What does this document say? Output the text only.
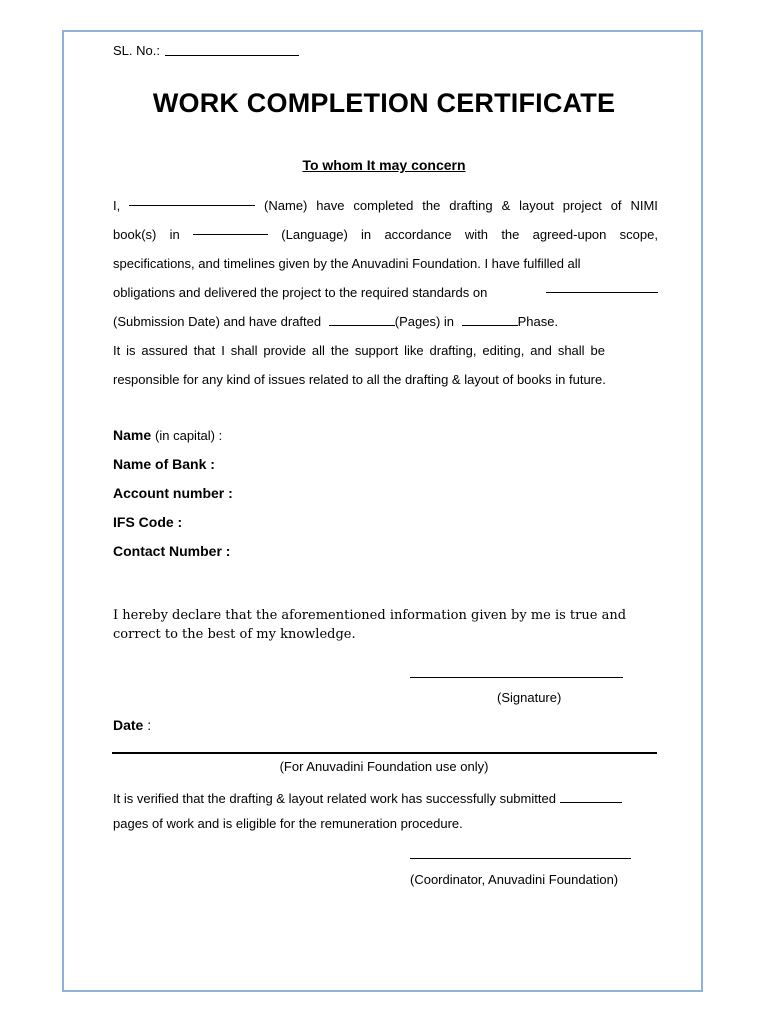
SL. No.:
WORK COMPLETION CERTIFICATE
To whom It may concern
I,	(Name) have completed the drafting & layout project of NIMI
book(s) in	(Language) in accordance with the agreed-upon scope,
specifications, and timelines given by the Anuvadini Foundation. I have fulfilled all
obligations and delivered the project to the required standards on
(Submission Date) and have drafted	(Pages) in	Phase.
It is assured that I shall provide all the support like drafting, editing, and shall be
responsible for any kind of issues related to all the drafting & layout of books in future.
Name (in capital) :
Name of Bank :
Account number :
IFS Code :
Contact Number :
I hereby declare that the aforementioned information given by me is true and correct to the best of my knowledge.
(Signature)
Date :
(For Anuvadini Foundation use only)
It is verified that the drafting & layout related work has successfully submitted
pages of work and is eligible for the remuneration procedure.
(Coordinator, Anuvadini Foundation)
